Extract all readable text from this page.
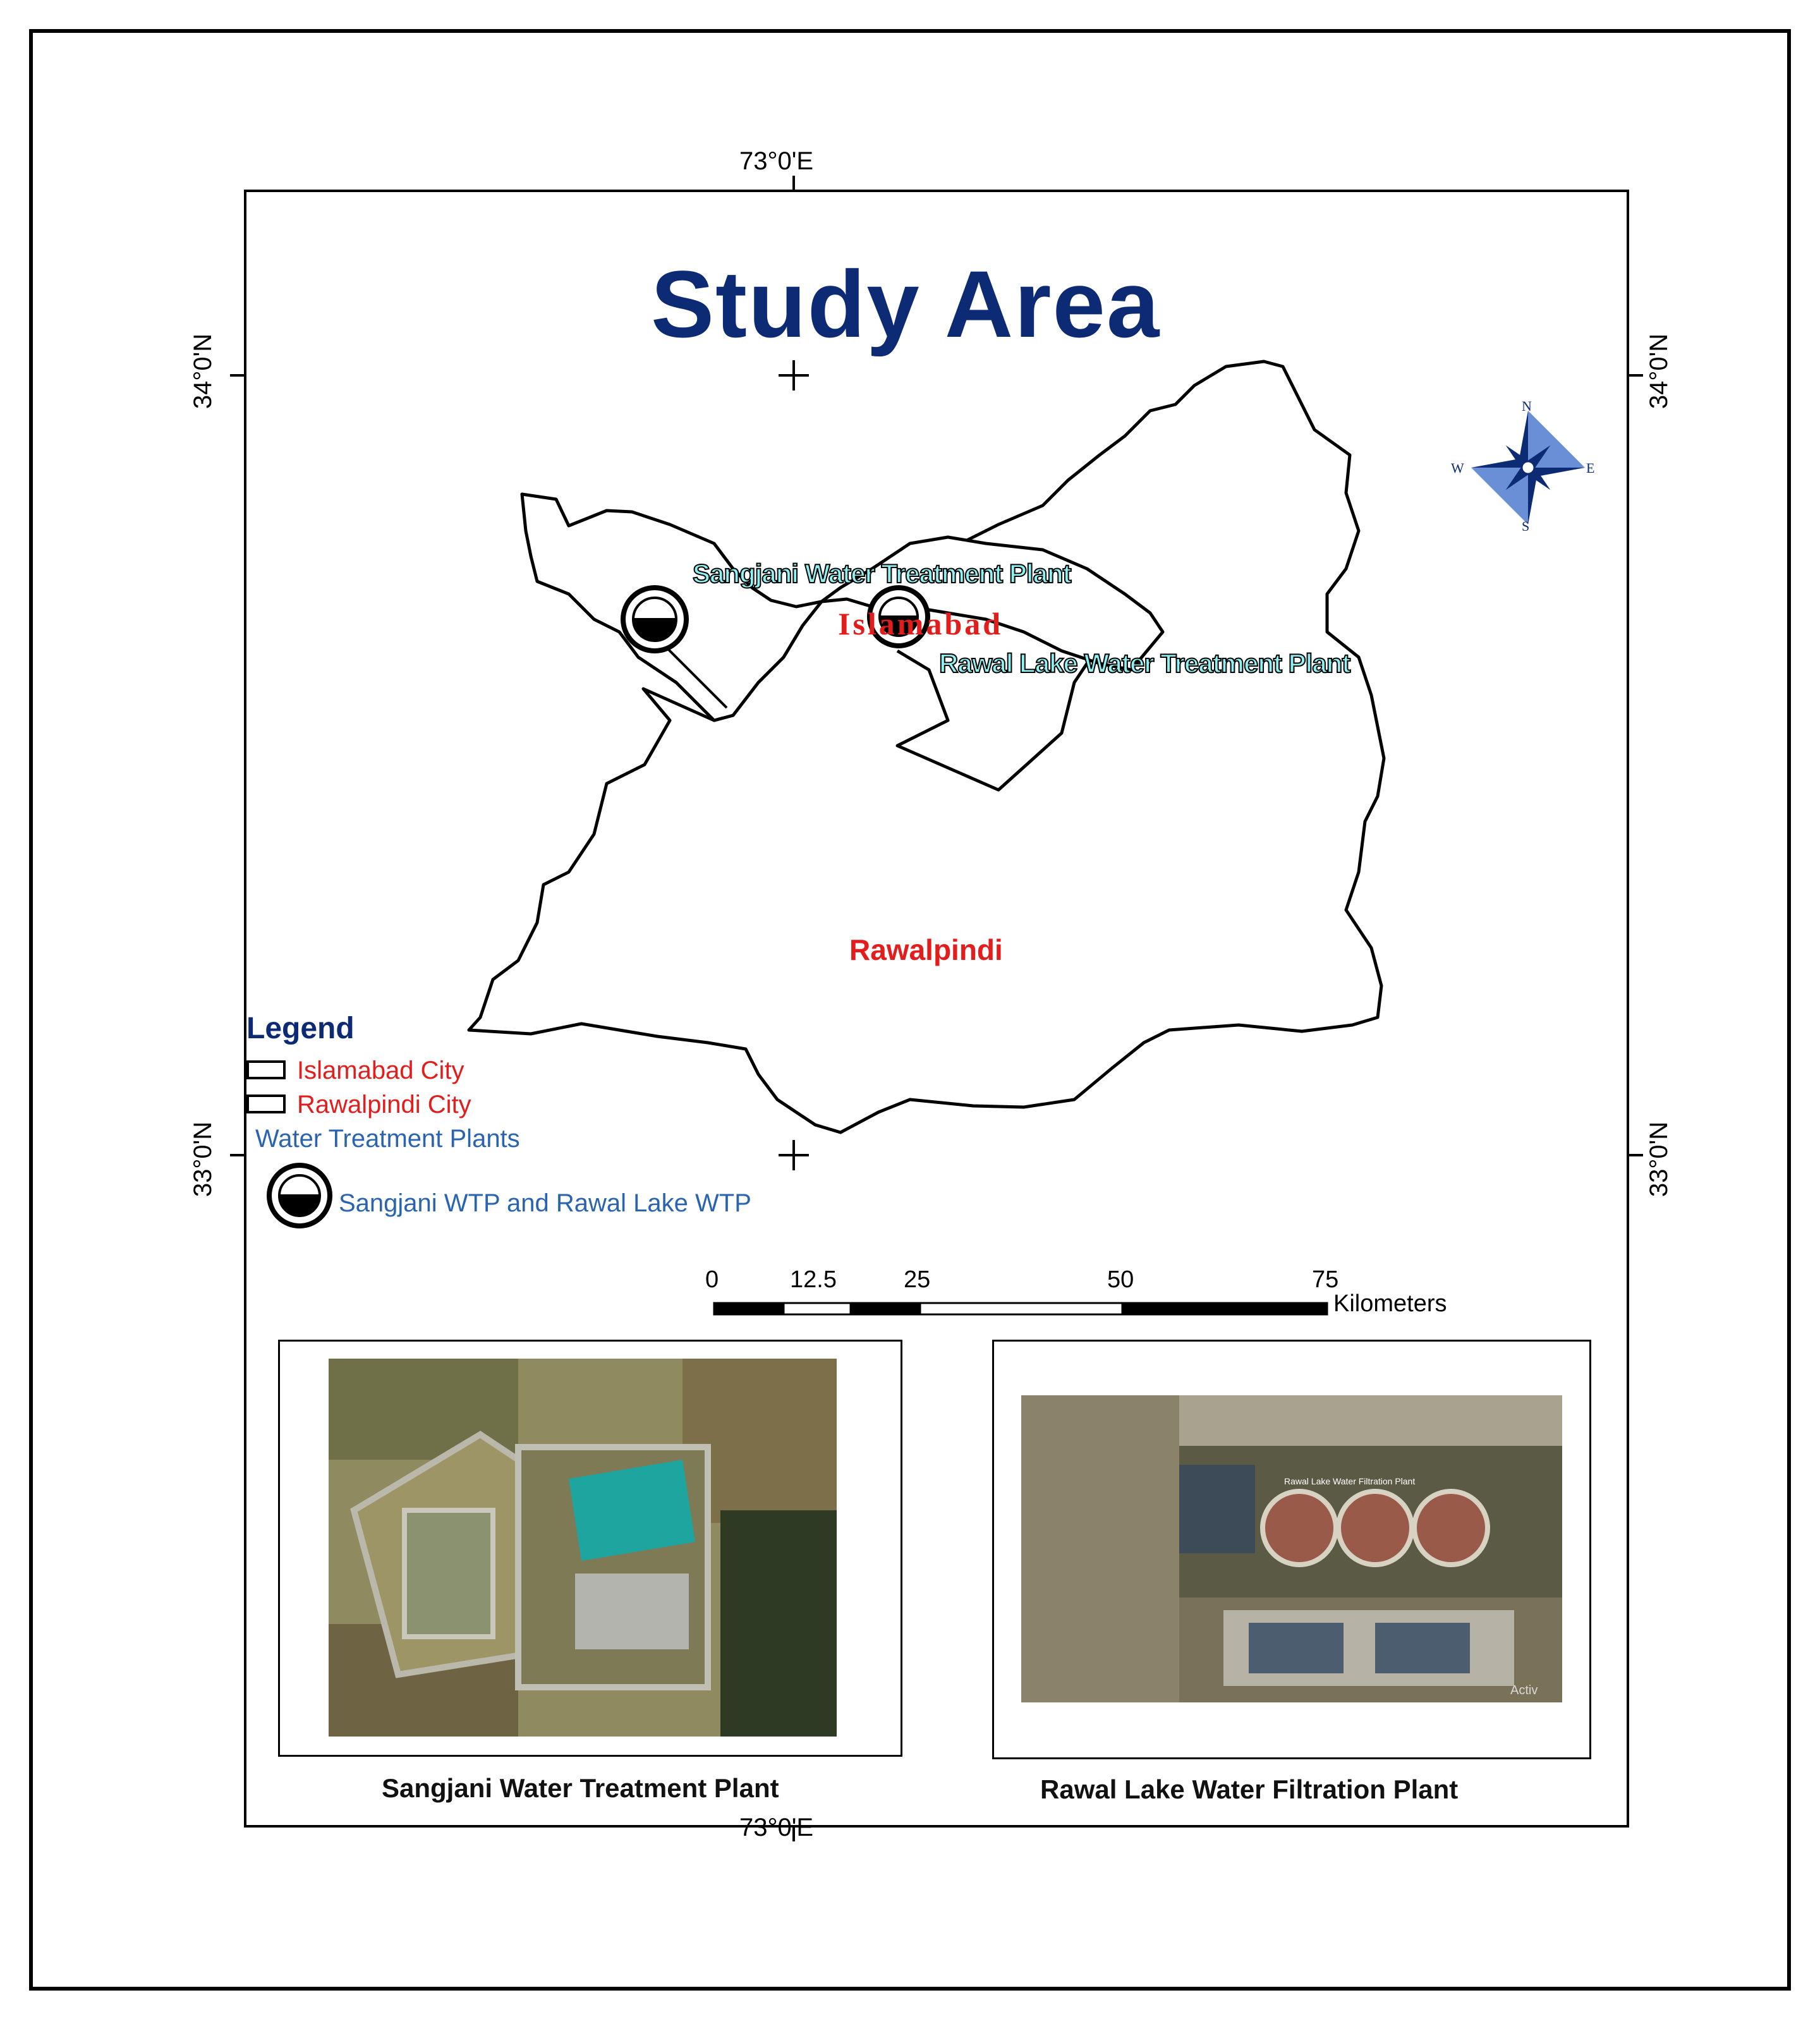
73°0'E
73°0'E
34°0'N
33°0'N
34°0'N
33°0'N
Study Area
N
S
E
W
Sangjani Water Treatment Plant
Rawal Lake Water Treatment Plant
Islamabad
Rawalpindi
Legend
Islamabad City
Rawalpindi City
Water Treatment Plants
Sangjani WTP and Rawal Lake WTP
0	12.5	25	50	75
Kilometers
Sangjani Water Treatment Plant
Rawal Lake Water Filtration Plant
Activ
Rawal Lake Water Filtration Plant
